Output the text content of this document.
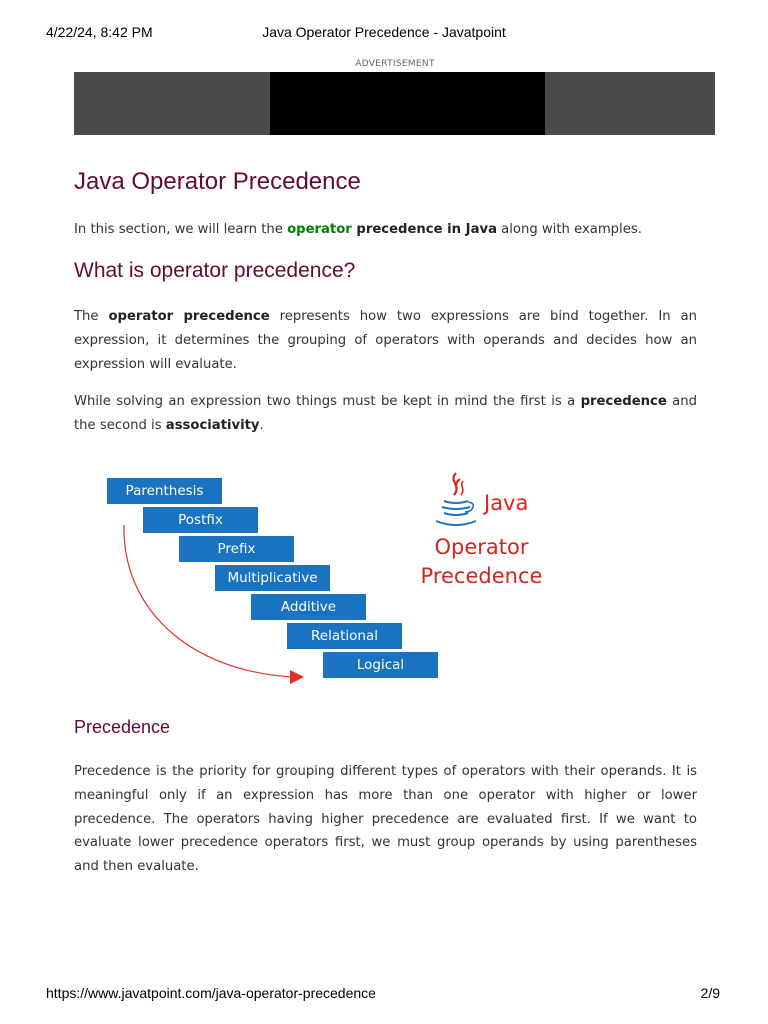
4/22/24, 8:42 PM	Java Operator Precedence - Javatpoint
ADVERTISEMENT
Java Operator Precedence

In this section, we will learn the operator precedence in Java along with examples.

What is operator precedence?

The operator precedence represents how two expressions are bind together. In an expression, it determines the grouping of operators with operands and decides how an expression will evaluate.

While solving an expression two things must be kept in mind the first is a precedence and the second is associativity.

Parenthesis
Postfix
Prefix
Multiplicative
Additive
Relational
Logical
Java
Operator
Precedence
Precedence

Precedence is the priority for grouping different types of operators with their operands. It is meaningful only if an expression has more than one operator with higher or lower precedence. The operators having higher precedence are evaluated first. If we want to evaluate lower precedence operators first, we must group operands by using parentheses and then evaluate.

https://www.javatpoint.com/java-operator-precedence	2/9
